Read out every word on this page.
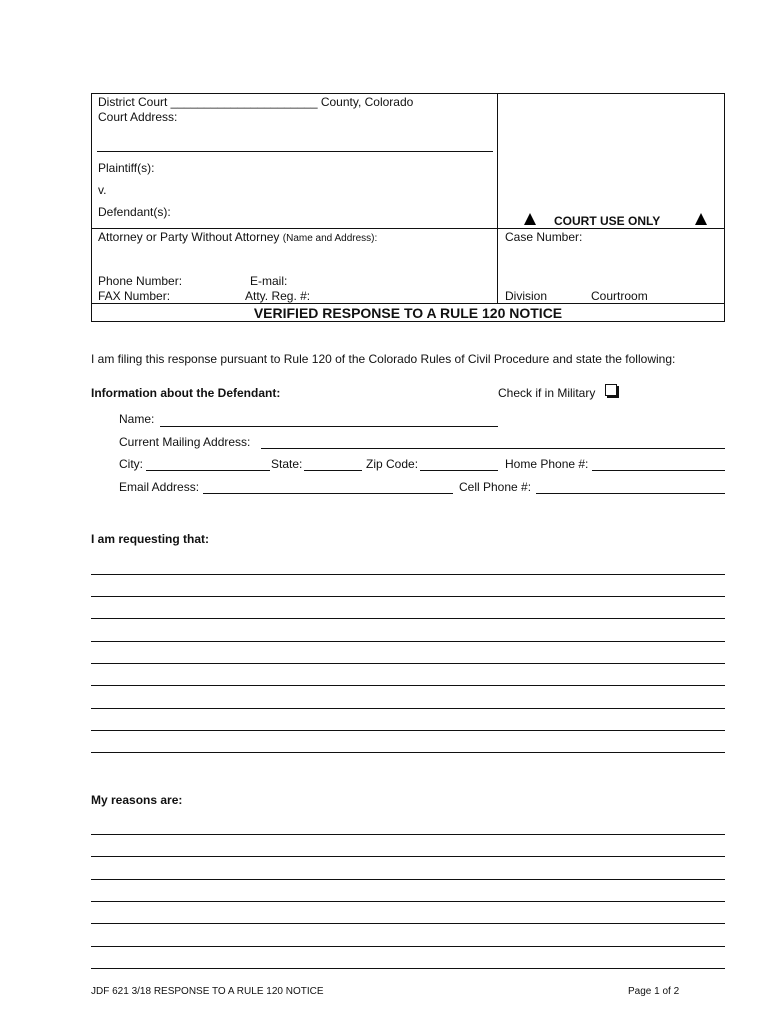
District Court ______________________ County, Colorado
Court Address:
Plaintiff(s):
v.
Defendant(s):
COURT USE ONLY
Attorney or Party Without Attorney (Name and Address):	Case Number:
Phone Number:	E-mail:
FAX Number:	Atty. Reg. #:	Division	Courtroom
VERIFIED RESPONSE TO A RULE 120 NOTICE
I am filing this response pursuant to Rule 120 of the Colorado Rules of Civil Procedure and state the following:
Information about the Defendant:	Check if in Military
Name:
Current Mailing Address:
City:	State:	Zip Code:	Home Phone #:
Email Address:	Cell Phone #:
I am requesting that:
My reasons are:
JDF 621 3/18 RESPONSE TO A RULE 120 NOTICE	Page 1 of 2
